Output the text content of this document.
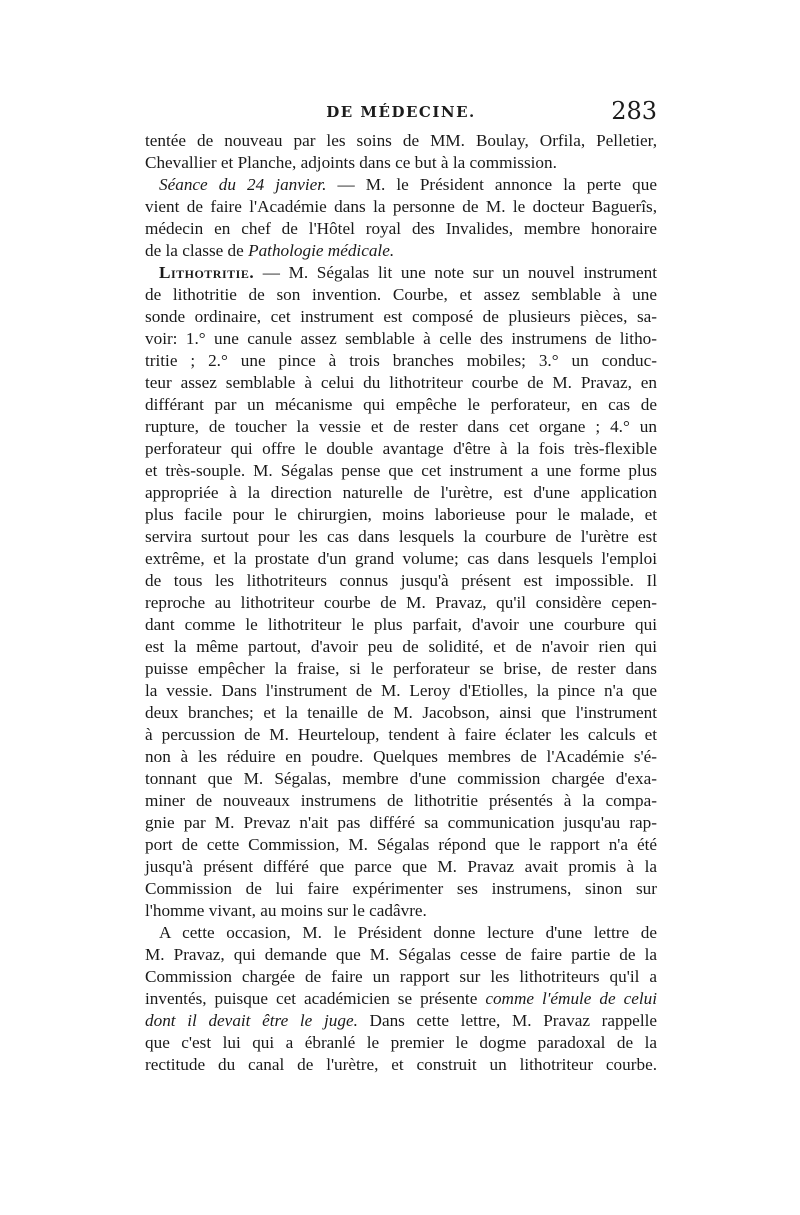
DE MÉDECINE.	283
tentée de nouveau par les soins de MM. Boulay, Orfila, Pelletier,
Chevallier et Planche, adjoints dans ce but à la commission.
Séance du 24 janvier. — M. le Président annonce la perte que
vient de faire l'Académie dans la personne de M. le docteur Baguerîs,
médecin en chef de l'Hôtel royal des Invalides, membre honoraire
de la classe de Pathologie médicale.
Lithotritie. — M. Ségalas lit une note sur un nouvel instrument
de lithotritie de son invention. Courbe, et assez semblable à une
sonde ordinaire, cet instrument est composé de plusieurs pièces, sa-
voir: 1.° une canule assez semblable à celle des instrumens de litho-
tritie ; 2.° une pince à trois branches mobiles; 3.° un conduc-
teur assez semblable à celui du lithotriteur courbe de M. Pravaz, en
différant par un mécanisme qui empêche le perforateur, en cas de
rupture, de toucher la vessie et de rester dans cet organe ; 4.° un
perforateur qui offre le double avantage d'être à la fois très-flexible
et très-souple. M. Ségalas pense que cet instrument a une forme plus
appropriée à la direction naturelle de l'urètre, est d'une application
plus facile pour le chirurgien, moins laborieuse pour le malade, et
servira surtout pour les cas dans lesquels la courbure de l'urètre est
extrême, et la prostate d'un grand volume; cas dans lesquels l'emploi
de tous les lithotriteurs connus jusqu'à présent est impossible. Il
reproche au lithotriteur courbe de M. Pravaz, qu'il considère cepen-
dant comme le lithotriteur le plus parfait, d'avoir une courbure qui
est la même partout, d'avoir peu de solidité, et de n'avoir rien qui
puisse empêcher la fraise, si le perforateur se brise, de rester dans
la vessie. Dans l'instrument de M. Leroy d'Etiolles, la pince n'a que
deux branches; et la tenaille de M. Jacobson, ainsi que l'instrument
à percussion de M. Heurteloup, tendent à faire éclater les calculs et
non à les réduire en poudre. Quelques membres de l'Académie s'é-
tonnant que M. Ségalas, membre d'une commission chargée d'exa-
miner de nouveaux instrumens de lithotritie présentés à la compa-
gnie par M. Prevaz n'ait pas différé sa communication jusqu'au rap-
port de cette Commission, M. Ségalas répond que le rapport n'a été
jusqu'à présent différé que parce que M. Pravaz avait promis à la
Commission de lui faire expérimenter ses instrumens, sinon sur
l'homme vivant, au moins sur le cadâvre.
A cette occasion, M. le Président donne lecture d'une lettre de
M. Pravaz, qui demande que M. Ségalas cesse de faire partie de la
Commission chargée de faire un rapport sur les lithotriteurs qu'il a
inventés, puisque cet académicien se présente comme l'émule de celui
dont il devait être le juge. Dans cette lettre, M. Pravaz rappelle
que c'est lui qui a ébranlé le premier le dogme paradoxal de la
rectitude du canal de l'urètre, et construit un lithotriteur courbe.
